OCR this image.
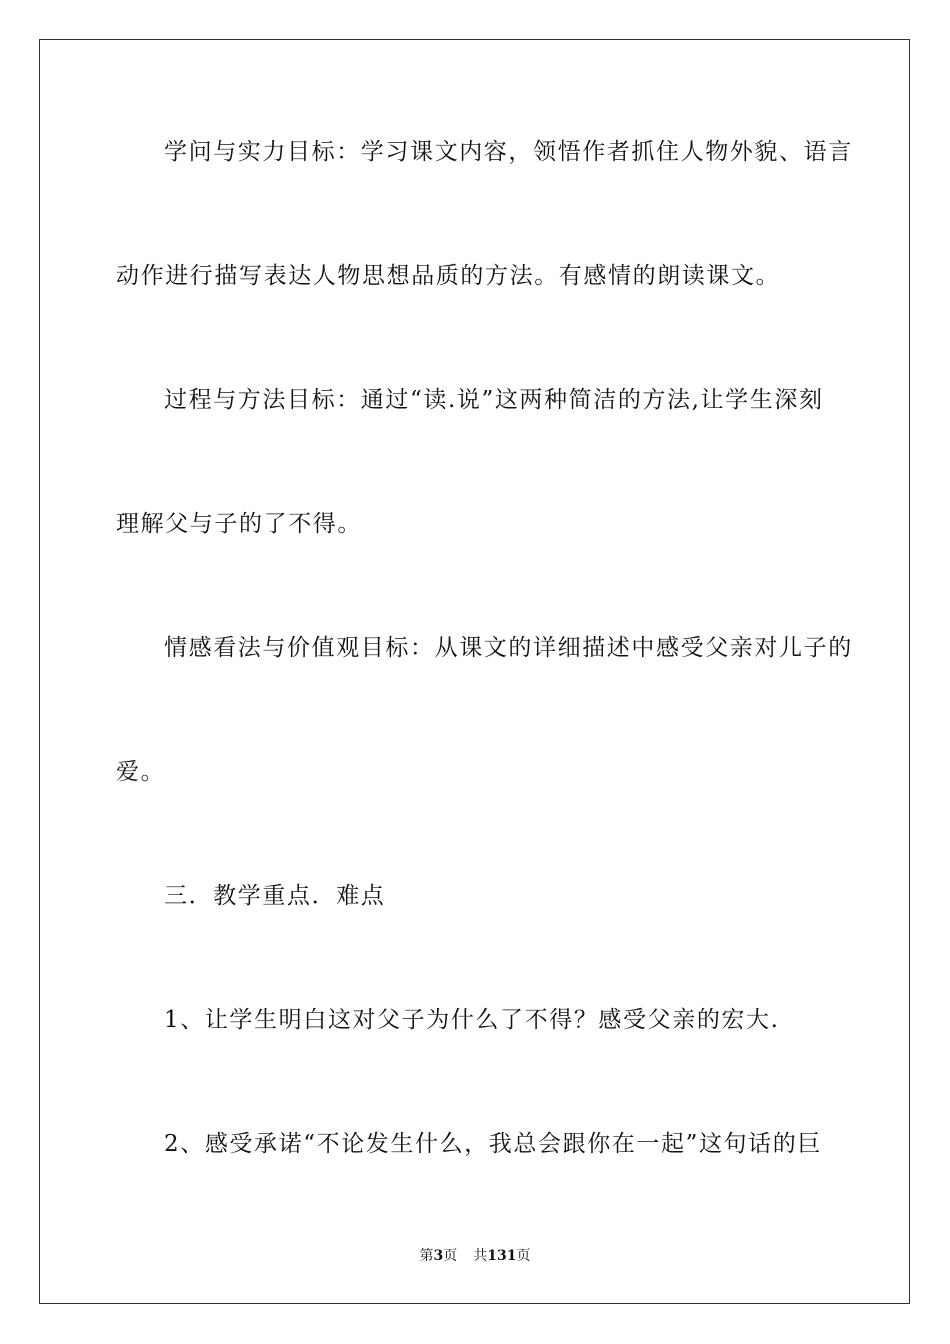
学问与实力目标：学习课文内容，领悟作者抓住人物外貌、语言
动作进行描写表达人物思想品质的方法。有感情的朗读课文。
过程与方法目标：通过“读.说”这两种简洁的方法,让学生深刻
理解父与子的了不得。
情感看法与价值观目标：从课文的详细描述中感受父亲对儿子的
爱。
三．教学重点．难点
1、让学生明白这对父子为什么了不得？感受父亲的宏大.
2、感受承诺“不论发生什么，我总会跟你在一起”这句话的巨
第3页 共131页
